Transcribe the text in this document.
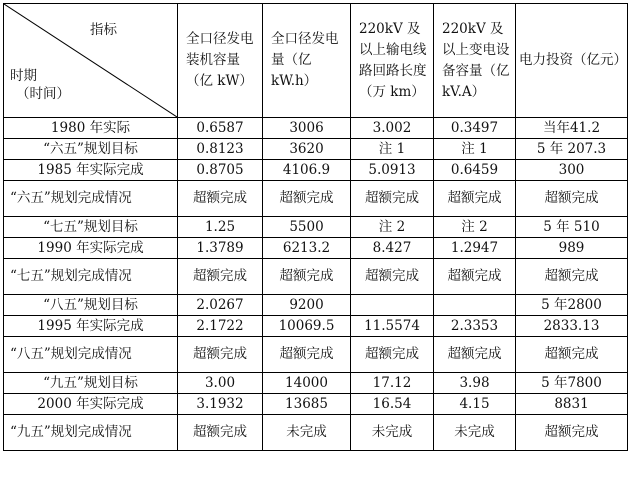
指标
时期
（时间）	全口径发电装机容量（亿 kW）	全口径发电量（亿 kW.h）	220kV 及以上输电线路回路长度（万 km）	220kV 及以上变电设备容量（亿kV.A）	电力投资（亿元）
1980 年实际	0.6587	3006	3.002	0.3497	当年41.2
“六五”规划目标	0.8123	3620	注 1	注 1	5 年 207.3
1985 年实际完成	0.8705	4106.9	5.0913	0.6459	300
“六五”规划完成情况	超额完成	超额完成	超额完成	超额完成	超额完成
“七五”规划目标	1.25	5500	注 2	注 2	5 年 510
1990 年实际完成	1.3789	6213.2	8.427	1.2947	989
“七五”规划完成情况	超额完成	超额完成	超额完成	超额完成	超额完成
“八五”规划目标	2.0267	9200			5 年2800
1995 年实际完成	2.1722	10069.5	11.5574	2.3353	2833.13
“八五”规划完成情况	超额完成	超额完成	超额完成	超额完成	超额完成
“九五”规划目标	3.00	14000	17.12	3.98	5 年7800
2000 年实际完成	3.1932	13685	16.54	4.15	8831
“九五”规划完成情况	超额完成	未完成	未完成	未完成	超额完成
